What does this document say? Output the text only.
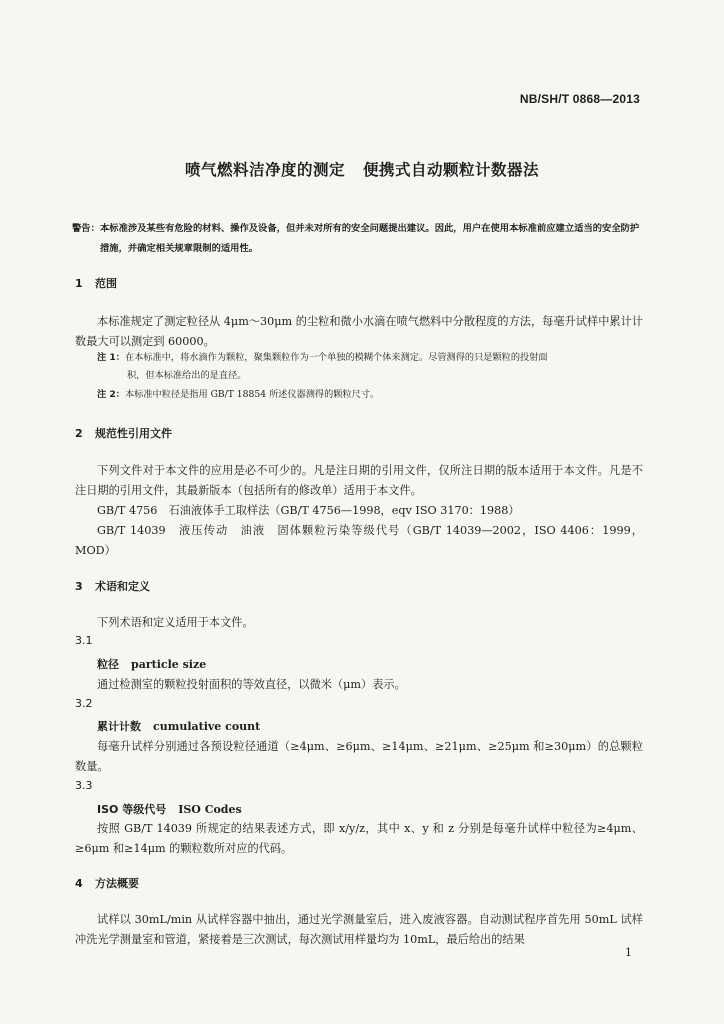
NB/SH/T 0868—2013
喷气燃料洁净度的测定 便携式自动颗粒计数器法
警告： 本标准涉及某些有危险的材料、操作及设备，但并未对所有的安全问题提出建议。因此，用户在使用本标准前应建立适当的安全防护措施，并确定相关规章限制的适用性。
1 范围
本标准规定了测定粒径从 4μm～30μm 的尘粒和微小水滴在喷气燃料中分散程度的方法，每毫升试样中累计计数最大可以测定到 60000。
注 1：在本标准中，将水滴作为颗粒，聚集颗粒作为一个单独的模糊个体来测定。尽管测得的只是颗粒的投射面
积，但本标准给出的是直径。
注 2：本标准中粒径是指用 GB/T 18854 所述仪器测得的颗粒尺寸。
2 规范性引用文件
下列文件对于本文件的应用是必不可少的。凡是注日期的引用文件，仅所注日期的版本适用于本文件。凡是不注日期的引用文件，其最新版本（包括所有的修改单）适用于本文件。
GB/T 4756　石油液体手工取样法（GB/T 4756—1998，eqv ISO 3170：1988）
GB/T 14039　液压传动　油液　固体颗粒污染等级代号（GB/T 14039—2002，ISO 4406：1999，MOD）
3 术语和定义
下列术语和定义适用于本文件。
3.1
粒径 particle size
通过检测室的颗粒投射面积的等效直径，以微米（μm）表示。
3.2
累计计数 cumulative count
每毫升试样分别通过各预设粒径通道（≥4μm、≥6μm、≥14μm、≥21μm、≥25μm 和≥30μm）的总颗粒数量。
3.3
ISO 等级代号 ISO Codes
按照 GB/T 14039 所规定的结果表述方式，即 x/y/z，其中 x、y 和 z 分别是每毫升试样中粒径为≥4μm、≥6μm 和≥14μm 的颗粒数所对应的代码。
4 方法概要
试样以 30mL/min 从试样容器中抽出，通过光学测量室后，进入废液容器。自动测试程序首先用 50mL 试样冲洗光学测量室和管道，紧接着是三次测试，每次测试用样量均为 10mL，最后给出的结果
1
